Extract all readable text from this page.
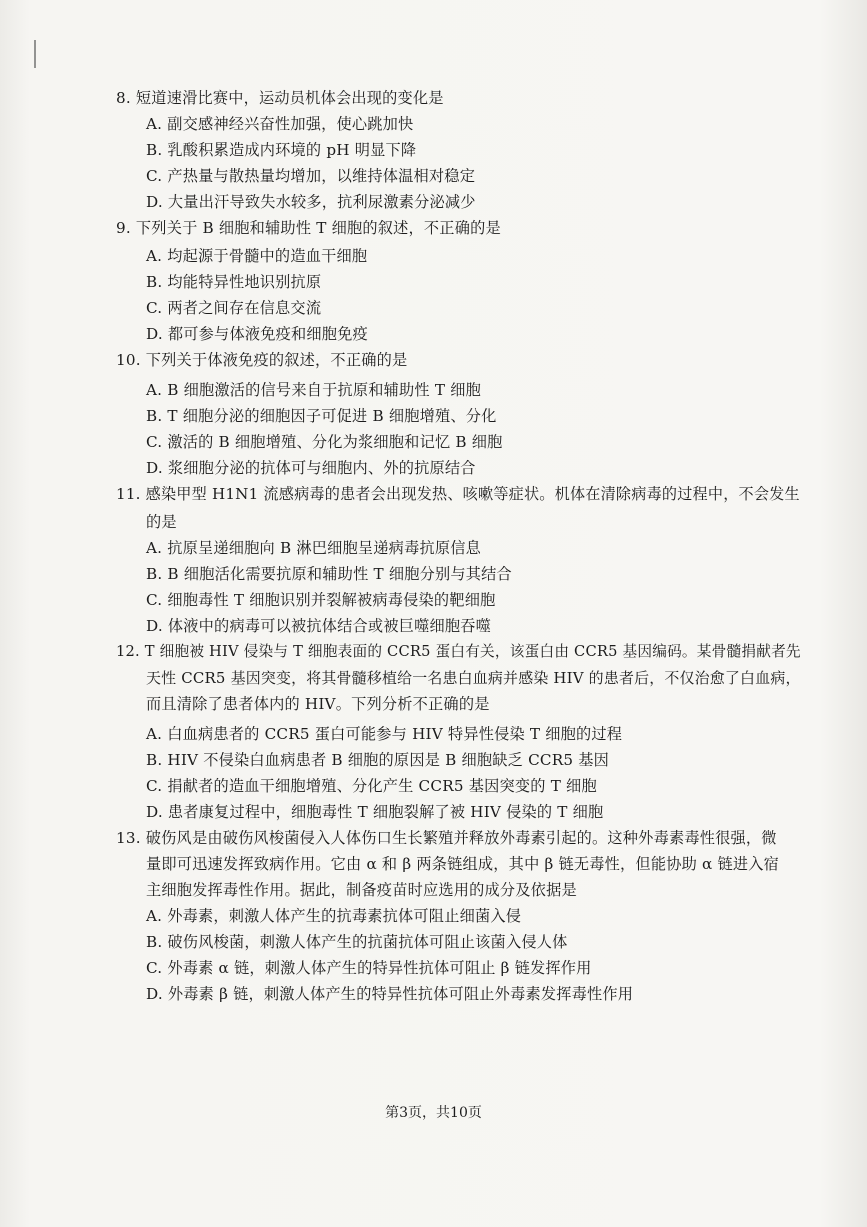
8. 短道速滑比赛中，运动员机体会出现的变化是
A. 副交感神经兴奋性加强，使心跳加快
B. 乳酸积累造成内环境的 pH 明显下降
C. 产热量与散热量均增加，以维持体温相对稳定
D. 大量出汗导致失水较多，抗利尿激素分泌减少
9. 下列关于 B 细胞和辅助性 T 细胞的叙述，不正确的是
A. 均起源于骨髓中的造血干细胞
B. 均能特异性地识别抗原
C. 两者之间存在信息交流
D. 都可参与体液免疫和细胞免疫
10. 下列关于体液免疫的叙述，不正确的是
A. B 细胞激活的信号来自于抗原和辅助性 T 细胞
B. T 细胞分泌的细胞因子可促进 B 细胞增殖、分化
C. 激活的 B 细胞增殖、分化为浆细胞和记忆 B 细胞
D. 浆细胞分泌的抗体可与细胞内、外的抗原结合
11. 感染甲型 H1N1 流感病毒的患者会出现发热、咳嗽等症状。机体在清除病毒的过程中，不会发生
的是
A. 抗原呈递细胞向 B 淋巴细胞呈递病毒抗原信息
B. B 细胞活化需要抗原和辅助性 T 细胞分别与其结合
C. 细胞毒性 T 细胞识别并裂解被病毒侵染的靶细胞
D. 体液中的病毒可以被抗体结合或被巨噬细胞吞噬
12. T 细胞被 HIV 侵染与 T 细胞表面的 CCR5 蛋白有关，该蛋白由 CCR5 基因编码。某骨髓捐献者先
天性 CCR5 基因突变，将其骨髓移植给一名患白血病并感染 HIV 的患者后，不仅治愈了白血病，
而且清除了患者体内的 HIV。下列分析不正确的是
A. 白血病患者的 CCR5 蛋白可能参与 HIV 特异性侵染 T 细胞的过程
B. HIV 不侵染白血病患者 B 细胞的原因是 B 细胞缺乏 CCR5 基因
C. 捐献者的造血干细胞增殖、分化产生 CCR5 基因突变的 T 细胞
D. 患者康复过程中，细胞毒性 T 细胞裂解了被 HIV 侵染的 T 细胞
13. 破伤风是由破伤风梭菌侵入人体伤口生长繁殖并释放外毒素引起的。这种外毒素毒性很强，微
量即可迅速发挥致病作用。它由 α 和 β 两条链组成，其中 β 链无毒性，但能协助 α 链进入宿
主细胞发挥毒性作用。据此，制备疫苗时应选用的成分及依据是
A. 外毒素，刺激人体产生的抗毒素抗体可阻止细菌入侵
B. 破伤风梭菌，刺激人体产生的抗菌抗体可阻止该菌入侵人体
C. 外毒素 α 链，刺激人体产生的特异性抗体可阻止 β 链发挥作用
D. 外毒素 β 链，刺激人体产生的特异性抗体可阻止外毒素发挥毒性作用
第3页，共10页
